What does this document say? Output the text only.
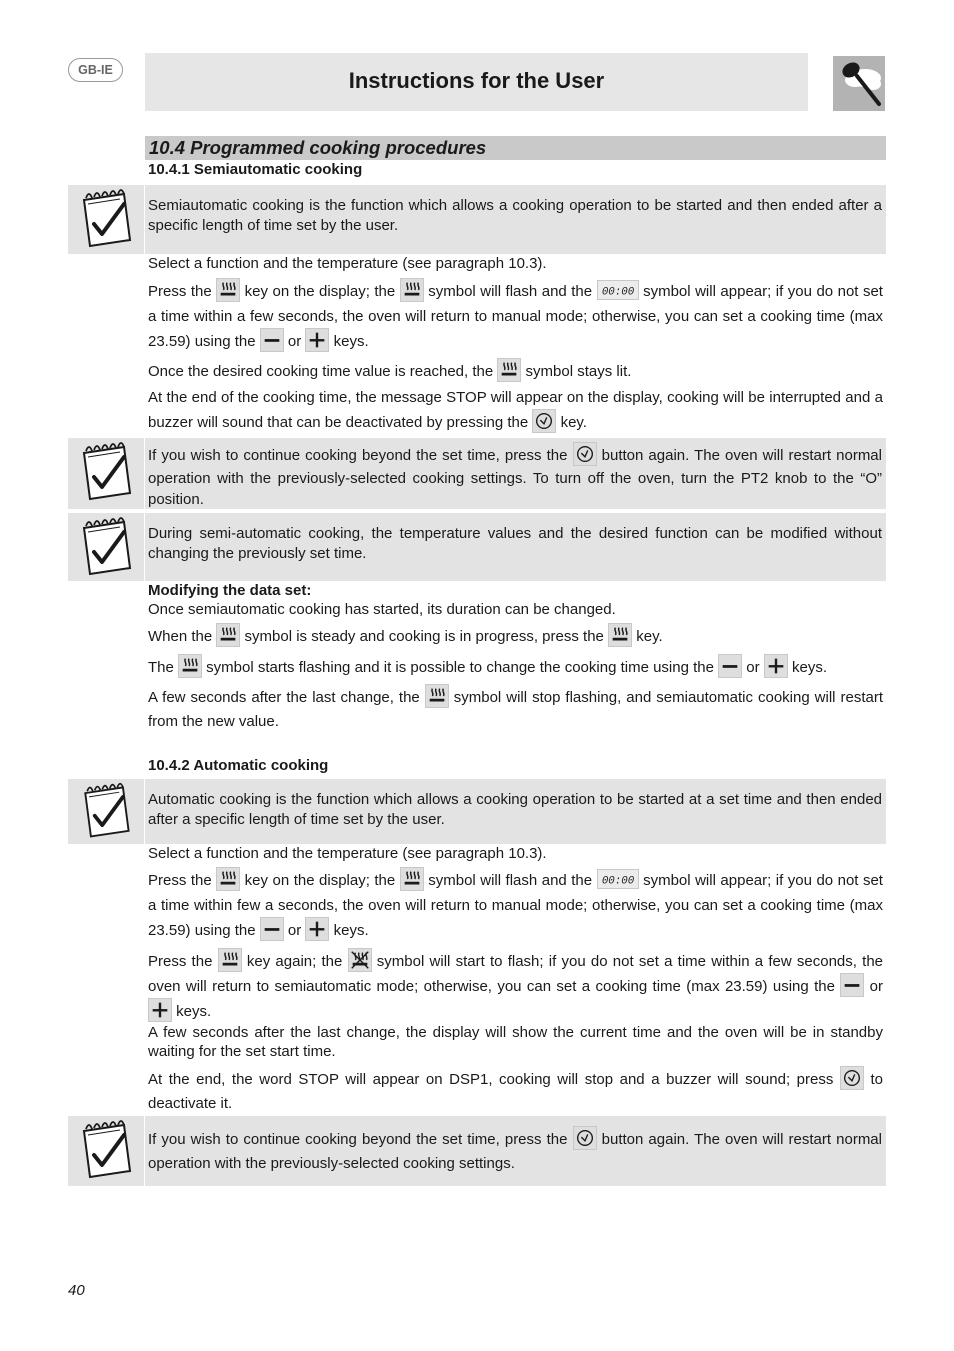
GB-IE	Instructions for the User
10.4 Programmed cooking procedures
10.4.1 Semiautomatic cooking
Semiautomatic cooking is the function which allows a cooking operation to be started and then ended after a specific length of time set by the user.
Select a function and the temperature (see paragraph 10.3).
Press the
key on the display; the
symbol will flash and the 00:00 symbol will appear; if you do not set a time within a few seconds, the oven will return to manual mode; otherwise, you can set a cooking time (max 23.59) using the
or
keys.
Once the desired cooking time value is reached, the
symbol stays lit.
At the end of the cooking time, the message STOP will appear on the display, cooking will be interrupted and a buzzer will sound that can be deactivated by pressing the
key.
If you wish to continue cooking beyond the set time, press the
button again. The oven will restart normal operation with the previously-selected cooking settings. To turn off the oven, turn the PT2 knob to the “O” position.
During semi-automatic cooking, the temperature values and the desired function can be modified without changing the previously set time.
Modifying the data set:
Once semiautomatic cooking has started, its duration can be changed.
When the
symbol is steady and cooking is in progress, press the
key.
The
symbol starts flashing and it is possible to change the cooking time using the
or
keys.
A few seconds after the last change, the
symbol will stop flashing, and semiautomatic cooking will restart from the new value.
10.4.2 Automatic cooking
Automatic cooking is the function which allows a cooking operation to be started at a set time and then ended after a specific length of time set by the user.
Select a function and the temperature (see paragraph 10.3).
Press the
key on the display; the
symbol will flash and the 00:00 symbol will appear; if you do not set a time within few a seconds, the oven will return to manual mode; otherwise, you can set a cooking time (max 23.59) using the
or
keys.
Press the
key again; the
symbol will start to flash; if you do not set a time within a few seconds, the oven will return to semiautomatic mode; otherwise, you can set a cooking time (max 23.59) using the
or
keys.
A few seconds after the last change, the display will show the current time and the oven will be in standby waiting for the set start time.
At the end, the word STOP will appear on DSP1, cooking will stop and a buzzer will sound; press
to deactivate it.
If you wish to continue cooking beyond the set time, press the
button again. The oven will restart normal operation with the previously-selected cooking settings.
40
